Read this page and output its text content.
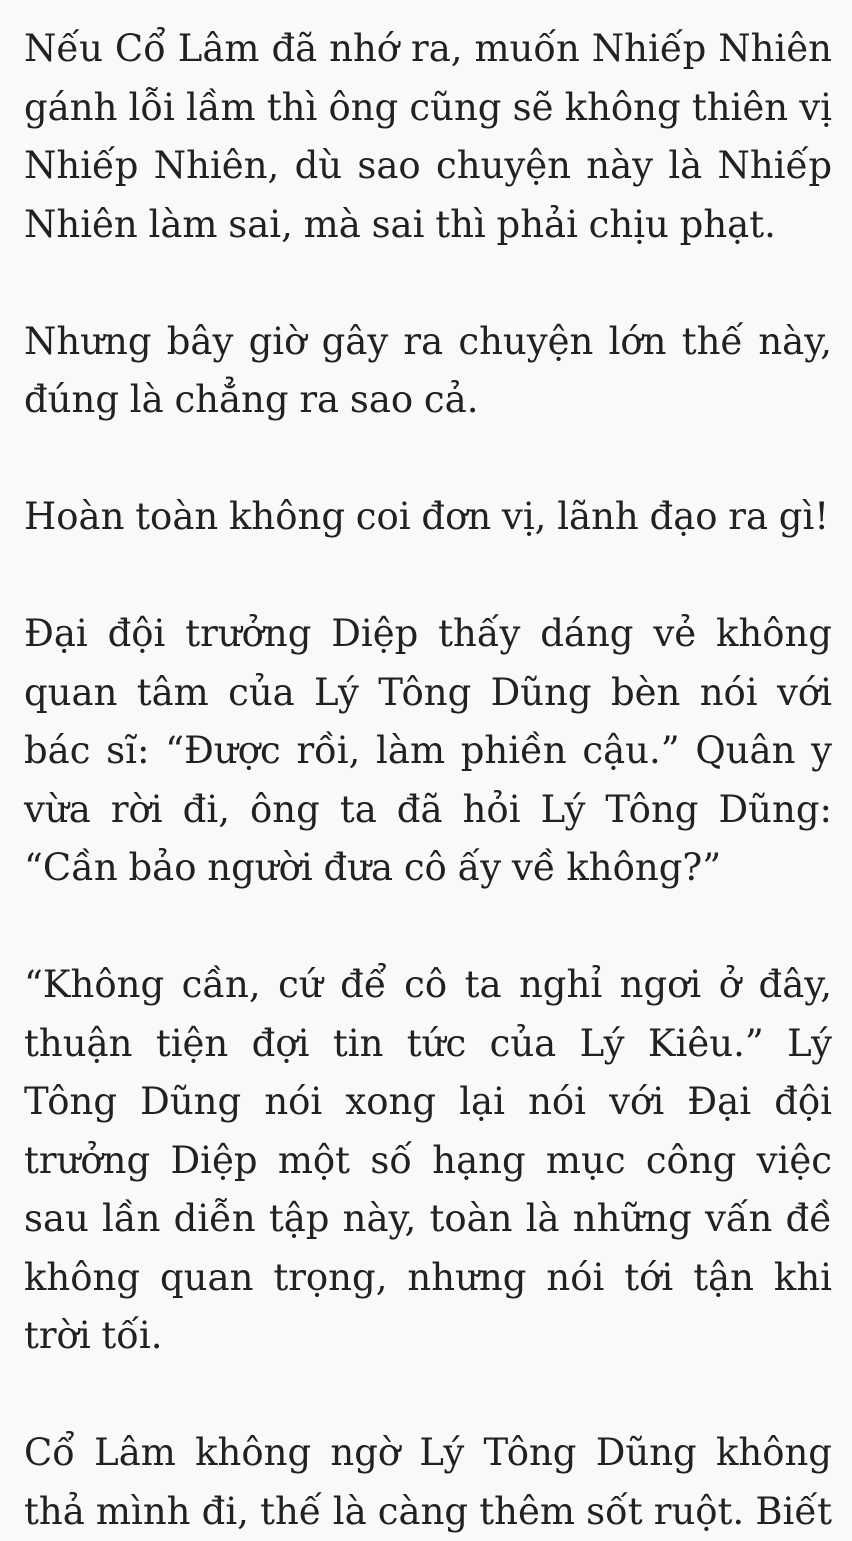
Nếu Cổ Lâm đã nhớ ra, muốn Nhiếp Nhiên
gánh lỗi lầm thì ông cũng sẽ không thiên vị
Nhiếp Nhiên, dù sao chuyện này là Nhiếp
Nhiên làm sai, mà sai thì phải chịu phạt.
Nhưng bây giờ gây ra chuyện lớn thế này,
đúng là chẳng ra sao cả.
Hoàn toàn không coi đơn vị, lãnh đạo ra gì!
Đại đội trưởng Diệp thấy dáng vẻ không
quan tâm của Lý Tông Dũng bèn nói với
bác sĩ: “Được rồi, làm phiền cậu.” Quân y
vừa rời đi, ông ta đã hỏi Lý Tông Dũng:
“Cần bảo người đưa cô ấy về không?”
“Không cần, cứ để cô ta nghỉ ngơi ở đây,
thuận tiện đợi tin tức của Lý Kiêu.” Lý
Tông Dũng nói xong lại nói với Đại đội
trưởng Diệp một số hạng mục công việc
sau lần diễn tập này, toàn là những vấn đề
không quan trọng, nhưng nói tới tận khi
trời tối.
Cổ Lâm không ngờ Lý Tông Dũng không
thả mình đi, thế là càng thêm sốt ruột. Biết
